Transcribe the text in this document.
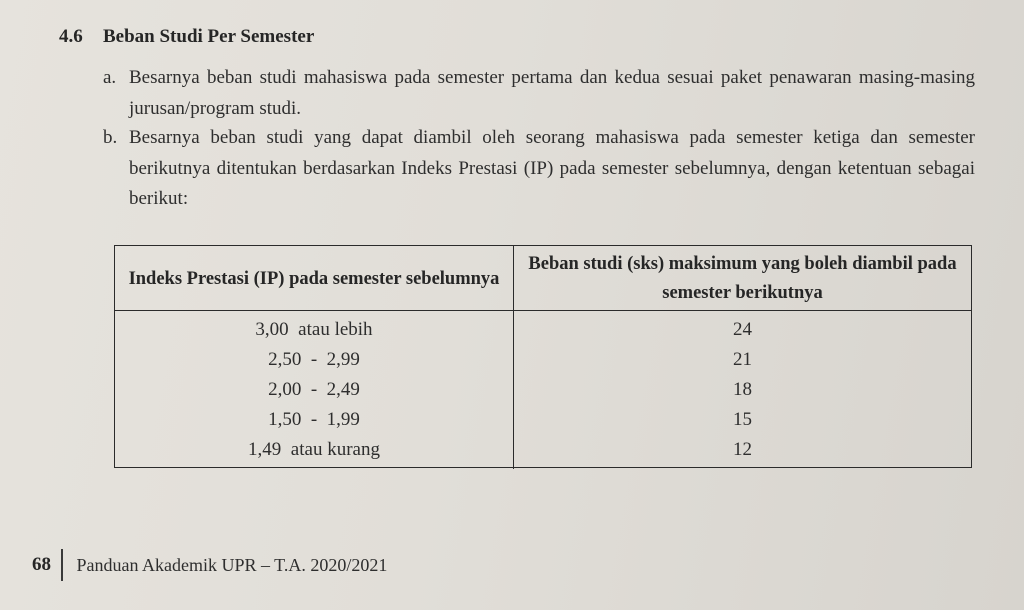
4.6 Beban Studi Per Semester
a. Besarnya beban studi mahasiswa pada semester pertama dan kedua sesuai paket penawaran masing-masing jurusan/program studi.
b. Besarnya beban studi yang dapat diambil oleh seorang mahasiswa pada semester ketiga dan semester berikutnya ditentukan berdasarkan Indeks Prestasi (IP) pada semester sebelumnya, dengan ketentuan sebagai berikut:
Indeks Prestasi (IP) pada semester sebelumnya	Beban studi (sks) maksimum yang boleh diambil pada semester berikutnya
3,00  atau lebih	24
2,50  -  2,99	21
2,00  -  2,49	18
1,50  -  1,99	15
1,49  atau kurang	12
68 Panduan Akademik UPR – T.A. 2020/2021
